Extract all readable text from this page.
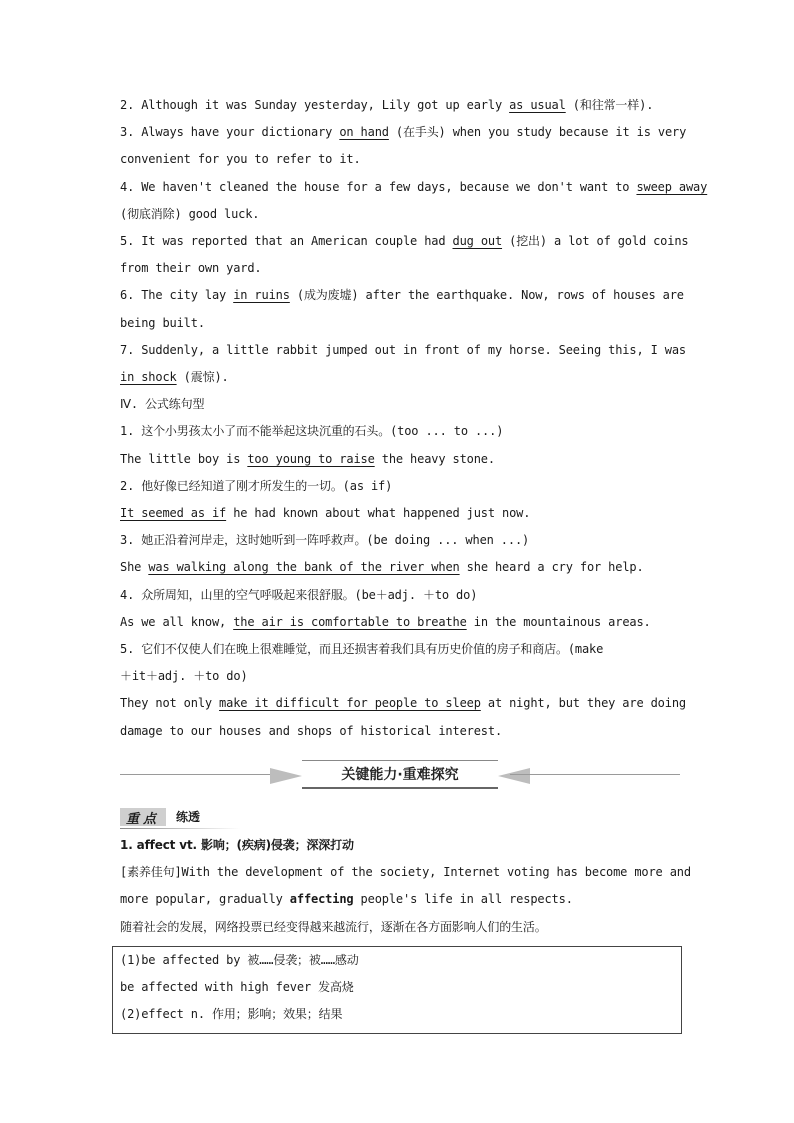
2. Although it was Sunday yesterday, Lily got up early as usual (和往常一样).
3. Always have your dictionary on hand (在手头) when you study because it is very
convenient for you to refer to it.
4. We haven't cleaned the house for a few days, because we don't want to sweep away
(彻底消除) good luck.
5. It was reported that an American couple had dug out (挖出) a lot of gold coins
from their own yard.
6. The city lay in ruins (成为废墟) after the earthquake. Now, rows of houses are
being built.
7. Suddenly, a little rabbit jumped out in front of my horse. Seeing this, I was
in shock (震惊).
Ⅳ. 公式练句型
1. 这个小男孩太小了而不能举起这块沉重的石头。(too ... to ...)
The little boy is too young to raise the heavy stone.
2. 他好像已经知道了刚才所发生的一切。(as if)
It seemed as if he had known about what happened just now.
3. 她正沿着河岸走，这时她听到一阵呼救声。(be doing ... when ...)
She was walking along the bank of the river when she heard a cry for help.
4. 众所周知，山里的空气呼吸起来很舒服。(be＋adj. ＋to do)
As we all know, the air is comfortable to breathe in the mountainous areas.
5. 它们不仅使人们在晚上很难睡觉，而且还损害着我们具有历史价值的房子和商店。(make
＋it＋adj. ＋to do)
They not only make it difficult for people to sleep at night, but they are doing
damage to our houses and shops of historical interest.
关键能力·重难探究
重点	练透
1. affect vt. 影响；(疾病)侵袭；深深打动
[素养佳句]With the development of the society, Internet voting has become more and
more popular, gradually affecting people's life in all respects.
随着社会的发展，网络投票已经变得越来越流行，逐渐在各方面影响人们的生活。
(1)be affected by 被……侵袭；被……感动
be affected with high fever 发高烧
(2)effect n. 作用；影响；效果；结果
